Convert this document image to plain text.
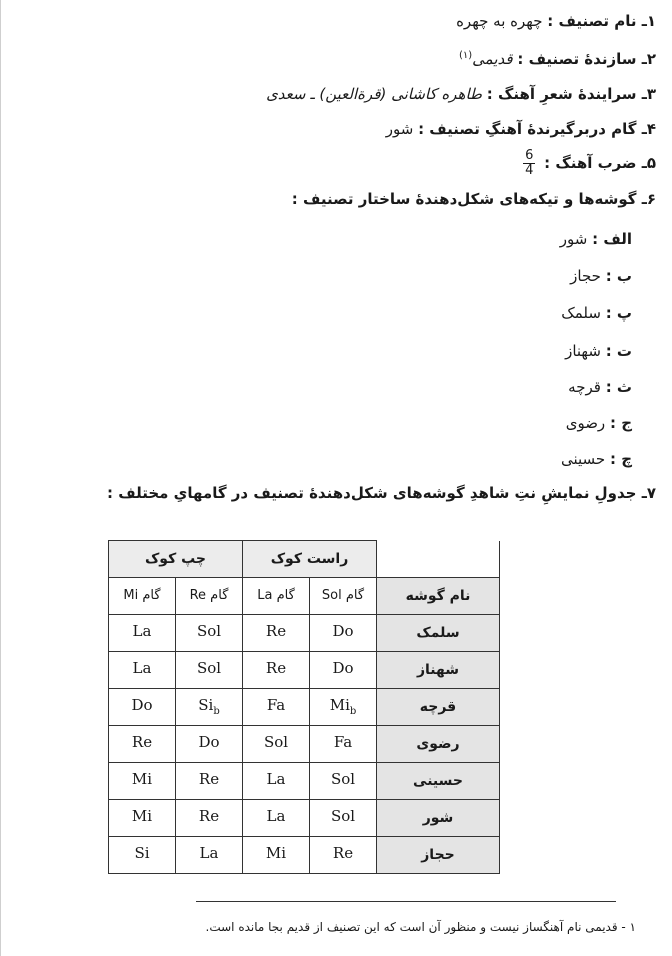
۱ـ نام تصنیف : چهره به چهره
۲ـ سازندهٔ تصنیف : قدیمی$^{(۱)}$
۳ـ سرایندهٔ شعرِ آهنگ : طاهره کاشانی (قرةالعین) ـ سعدی
۴ـ گام دربرگیرندهٔ آهنگِ تصنیف : شور
۵ـ ضرب آهنگ :
$\frac{6}{4}$
۶ـ گوشه‌ها و تیکه‌های شکل‌دهندهٔ ساختار تصنیف :
الف : شور
ب : حجاز
پ : سلمک
ت : شهناز
ث : قرچه
ج : رضوی
چ : حسینی
۷ـ جدولِ نمایشِ نتِ شاهدِ گوشه‌های شکل‌دهندهٔ تصنیف در گامهایِ مختلف :
چپ کوک		راست کوک		
گام Mi	گام Re	گام La	گام Sol	نام گوشه
La	Sol	Re	Do	سلمک
La	Sol	Re	Do	شهناز
Do	$Si_b$	Fa	$Mi_b$	قرچه
Re	Do	Sol	Fa	رضوی
Mi	Re	La	Sol	حسینی
Mi	Re	La	Sol	شور
Si	La	Mi	Re	حجاز
۱ - قدیمی نام آهنگساز نیست و منظور آن است که این تصنیف از قدیم بجا مانده است.
